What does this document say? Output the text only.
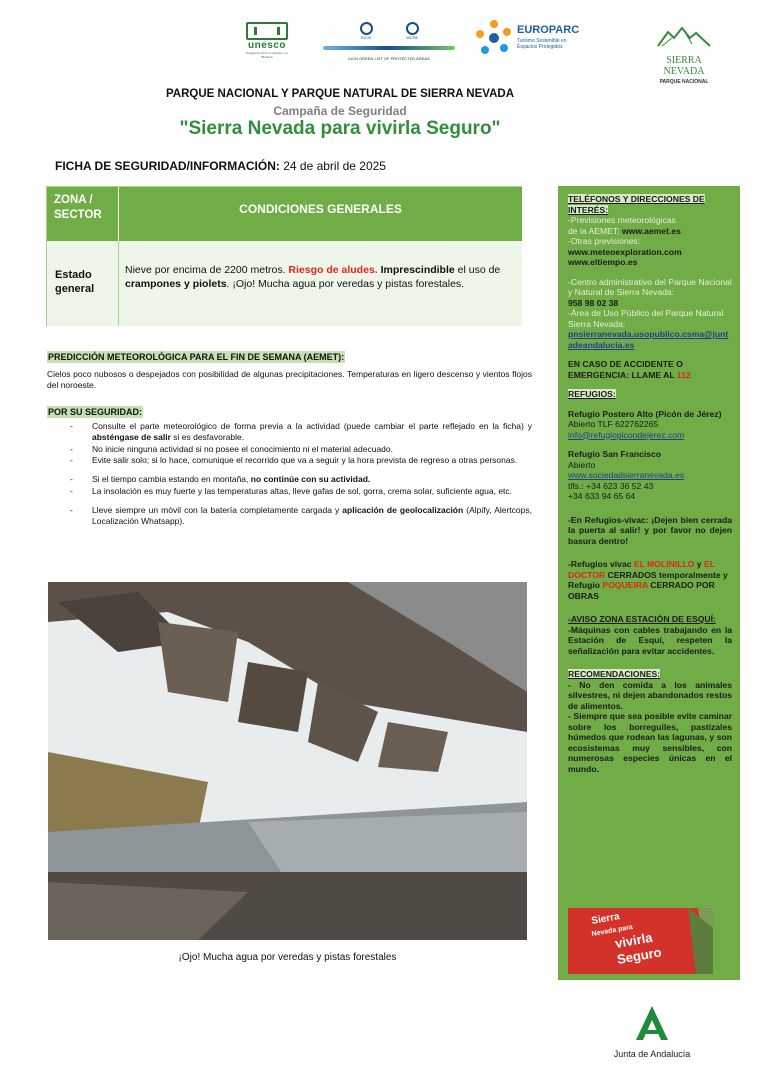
unesco
Programa sobre el Hombre y la Biosfera
IUCN	WCPA
IUCN GREEN LIST OF PROTECTED AREAS
EUROPARC
Turismo Sostenible en Espacios Protegidos
SIERRA
NEVADA
PARQUE NACIONAL
PARQUE NACIONAL Y PARQUE NATURAL DE SIERRA NEVADA
Campaña de Seguridad
"Sierra Nevada para vivirla Seguro"
FICHA DE SEGURIDAD/INFORMACIÓN: 24 de abril de 2025
ZONA /
SECTOR	CONDICIONES GENERALES
Estado
general
Nieve por encima de 2200 metros. Riesgo de aludes. Imprescindible el uso de crampones y piolets. ¡Ojo! Mucha agua por veredas y pistas forestales.
PREDICCIÓN METEOROLÓGICA PARA EL FIN DE SEMANA (AEMET):
Cielos poco nubosos o despejados con posibilidad de algunas precipitaciones. Temperaturas en ligero descenso y vientos flojos del noroeste.
POR SU SEGURIDAD:
- Consulte el parte meteorológico de forma previa a la actividad (puede cambiar el parte reflejado en la ficha) y absténgase de salir si es desfavorable.
- No inicie ninguna actividad si no posee el conocimiento ni el material adecuado.
- Evite salir solo; si lo hace, comunique el recorrido que va a seguir y la hora prevista de regreso a otras personas.
- Si el tiempo cambia estando en montaña, no continúe con su actividad.
- La insolación es muy fuerte y las temperaturas altas, lleve gafas de sol, gorra, crema solar, suficiente agua, etc.
- Lleve siempre un móvil con la batería completamente cargada y aplicación de geolocalización (Alpify, Alertcops, Localización Whatsapp).
¡Ojo! Mucha agua por veredas y pistas forestales
TELÉFONOS Y DIRECCIONES DE INTERÉS:
-Previsiones meteorológicas
de la AEMET: www.aemet.es
-Otras previsiones:
www.meteoexploration.com
www.eltiempo.es
-Centro administrativo del Parque Nacional y Natural de Sierra Nevada:
958 98 02 38
-Área de Uso Público del Parque Natural Sierra Nevada:
pnsierranevada.usopublico.csma@juntadeandalucia.es
EN CASO DE ACCIDENTE O EMERGENCIA: LLAME AL 112
REFUGIOS:
Refugio Postero Alto (Picón de Jérez)
Abierto TLF 622762265
info@refugiopicondejerez.com
Refugio San Francisco
Abierto
www.sociedadsierranevada.es
tlfs.: +34 623 36 52 43
+34 633 94 65 64
-En Refugios-vivac: ¡Dejen bien cerrada la puerta al salir! y por favor no dejen basura dentro!
-Refugios vivac EL MOLINILLO y EL DOCTOR CERRADOS temporalmente y Refugio POQUEIRA CERRADO POR OBRAS
-AVISO ZONA ESTACIÓN DE ESQUÍ:
-Máquinas con cables trabajando en la Estación de Esquí, respeten la señalización para evitar accidentes.
RECOMENDACIONES:
- No den comida a los animales silvestres, ni dejen abandonados restos de alimentos.
- Siempre que sea posible evite caminar sobre los borreguiles, pastizales húmedos que rodean las lagunas, y son ecosistemas muy sensibles, con numerosas especies únicas en el mundo.
Sierra
Nevada para
vivirla
Seguro
Junta de Andalucía
